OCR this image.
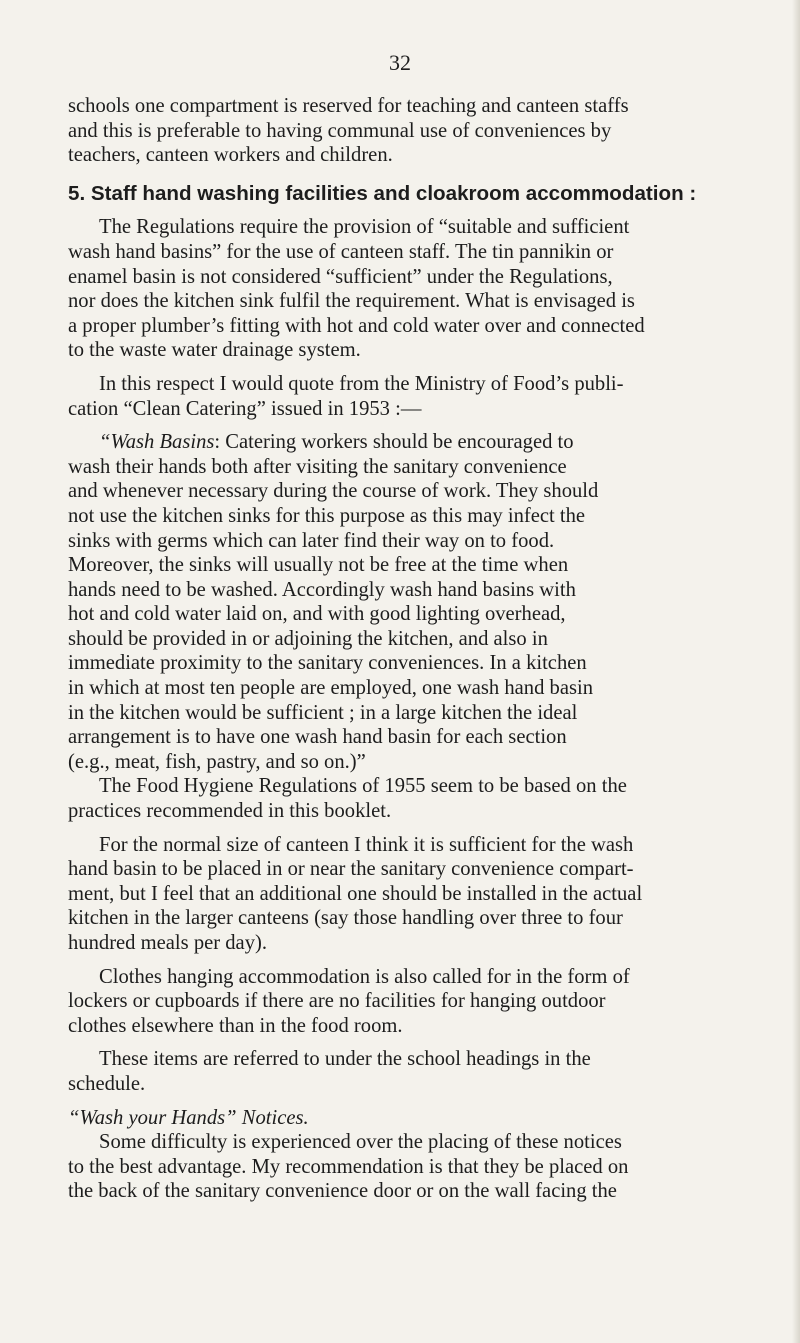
32

schools one compartment is reserved for teaching and canteen staffs

and this is preferable to having communal use of conveniences by

teachers, canteen workers and children.

5. Staff hand washing facilities and cloakroom accommodation :

The Regulations require the provision of “suitable and sufficient

wash hand basins” for the use of canteen staff. The tin pannikin or

enamel basin is not considered “sufficient” under the Regulations,

nor does the kitchen sink fulfil the requirement. What is envisaged is

a proper plumber’s fitting with hot and cold water over and connected

to the waste water drainage system.

In this respect I would quote from the Ministry of Food’s publi-

cation “Clean Catering” issued in 1953 :—

“Wash Basins: Catering workers should be encouraged to

wash their hands both after visiting the sanitary convenience

and whenever necessary during the course of work. They should

not use the kitchen sinks for this purpose as this may infect the

sinks with germs which can later find their way on to food.

Moreover, the sinks will usually not be free at the time when

hands need to be washed. Accordingly wash hand basins with

hot and cold water laid on, and with good lighting overhead,

should be provided in or adjoining the kitchen, and also in

immediate proximity to the sanitary conveniences. In a kitchen

in which at most ten people are employed, one wash hand basin

in the kitchen would be sufficient ; in a large kitchen the ideal

arrangement is to have one wash hand basin for each section

(e.g., meat, fish, pastry, and so on.)”

The Food Hygiene Regulations of 1955 seem to be based on the

practices recommended in this booklet.

For the normal size of canteen I think it is sufficient for the wash

hand basin to be placed in or near the sanitary convenience compart-

ment, but I feel that an additional one should be installed in the actual

kitchen in the larger canteens (say those handling over three to four

hundred meals per day).

Clothes hanging accommodation is also called for in the form of

lockers or cupboards if there are no facilities for hanging outdoor

clothes elsewhere than in the food room.

These items are referred to under the school headings in the

schedule.

“Wash your Hands” Notices.

Some difficulty is experienced over the placing of these notices

to the best advantage. My recommendation is that they be placed on

the back of the sanitary convenience door or on the wall facing the
